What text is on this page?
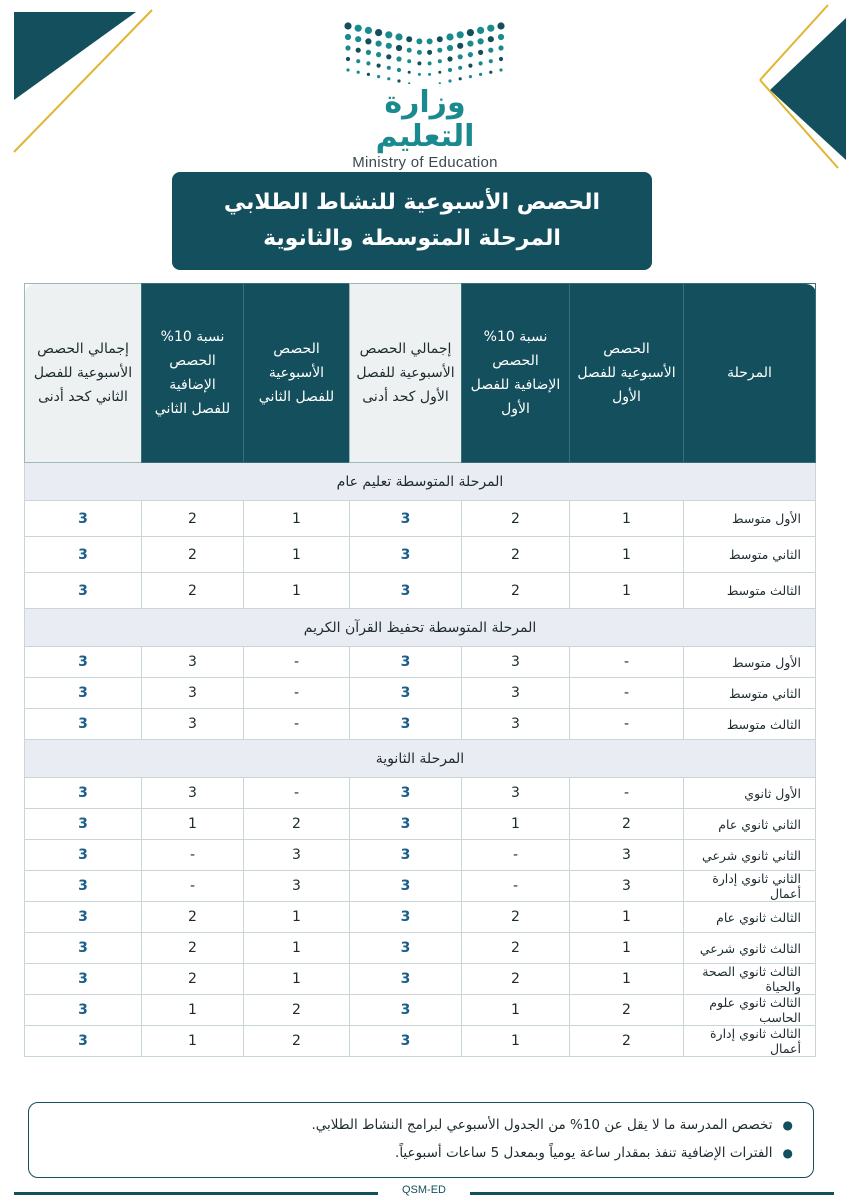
وزارة التعليم
Ministry of Education
الحصص الأسبوعية للنشاط الطلابي
المرحلة المتوسطة والثانوية
المرحلة	الحصص الأسبوعية للفصل الأول	نسبة 10% الحصص الإضافية للفصل الأول	إجمالي الحصص الأسبوعية للفصل الأول كحد أدنى	الحصص الأسبوعية للفصل الثاني	نسبة 10% الحصص الإضافية للفصل الثاني	إجمالي الحصص الأسبوعية للفصل الثاني كحد أدنى
المرحلة المتوسطة تعليم عام						
الأول متوسط	1	2	3	1	2	3
الثاني متوسط	1	2	3	1	2	3
الثالث متوسط	1	2	3	1	2	3
المرحلة المتوسطة تحفيظ القرآن الكريم						
الأول متوسط	-	3	3	-	3	3
الثاني متوسط	-	3	3	-	3	3
الثالث متوسط	-	3	3	-	3	3
المرحلة الثانوية						
الأول ثانوي	-	3	3	-	3	3
الثاني ثانوي عام	2	1	3	2	1	3
الثاني ثانوي شرعي	3	-	3	3	-	3
الثاني ثانوي إدارة أعمال	3	-	3	3	-	3
الثالث ثانوي عام	1	2	3	1	2	3
الثالث ثانوي شرعي	1	2	3	1	2	3
الثالث ثانوي الصحة والحياة	1	2	3	1	2	3
الثالث ثانوي علوم الحاسب	2	1	3	2	1	3
الثالث ثانوي إدارة أعمال	2	1	3	2	1	3
●تخصص المدرسة ما لا يقل عن 10% من الجدول الأسبوعي لبرامج النشاط الطلابي.
●الفترات الإضافية تنفذ بمقدار ساعة يومياً وبمعدل 5 ساعات أسبوعياً.
QSM-ED
